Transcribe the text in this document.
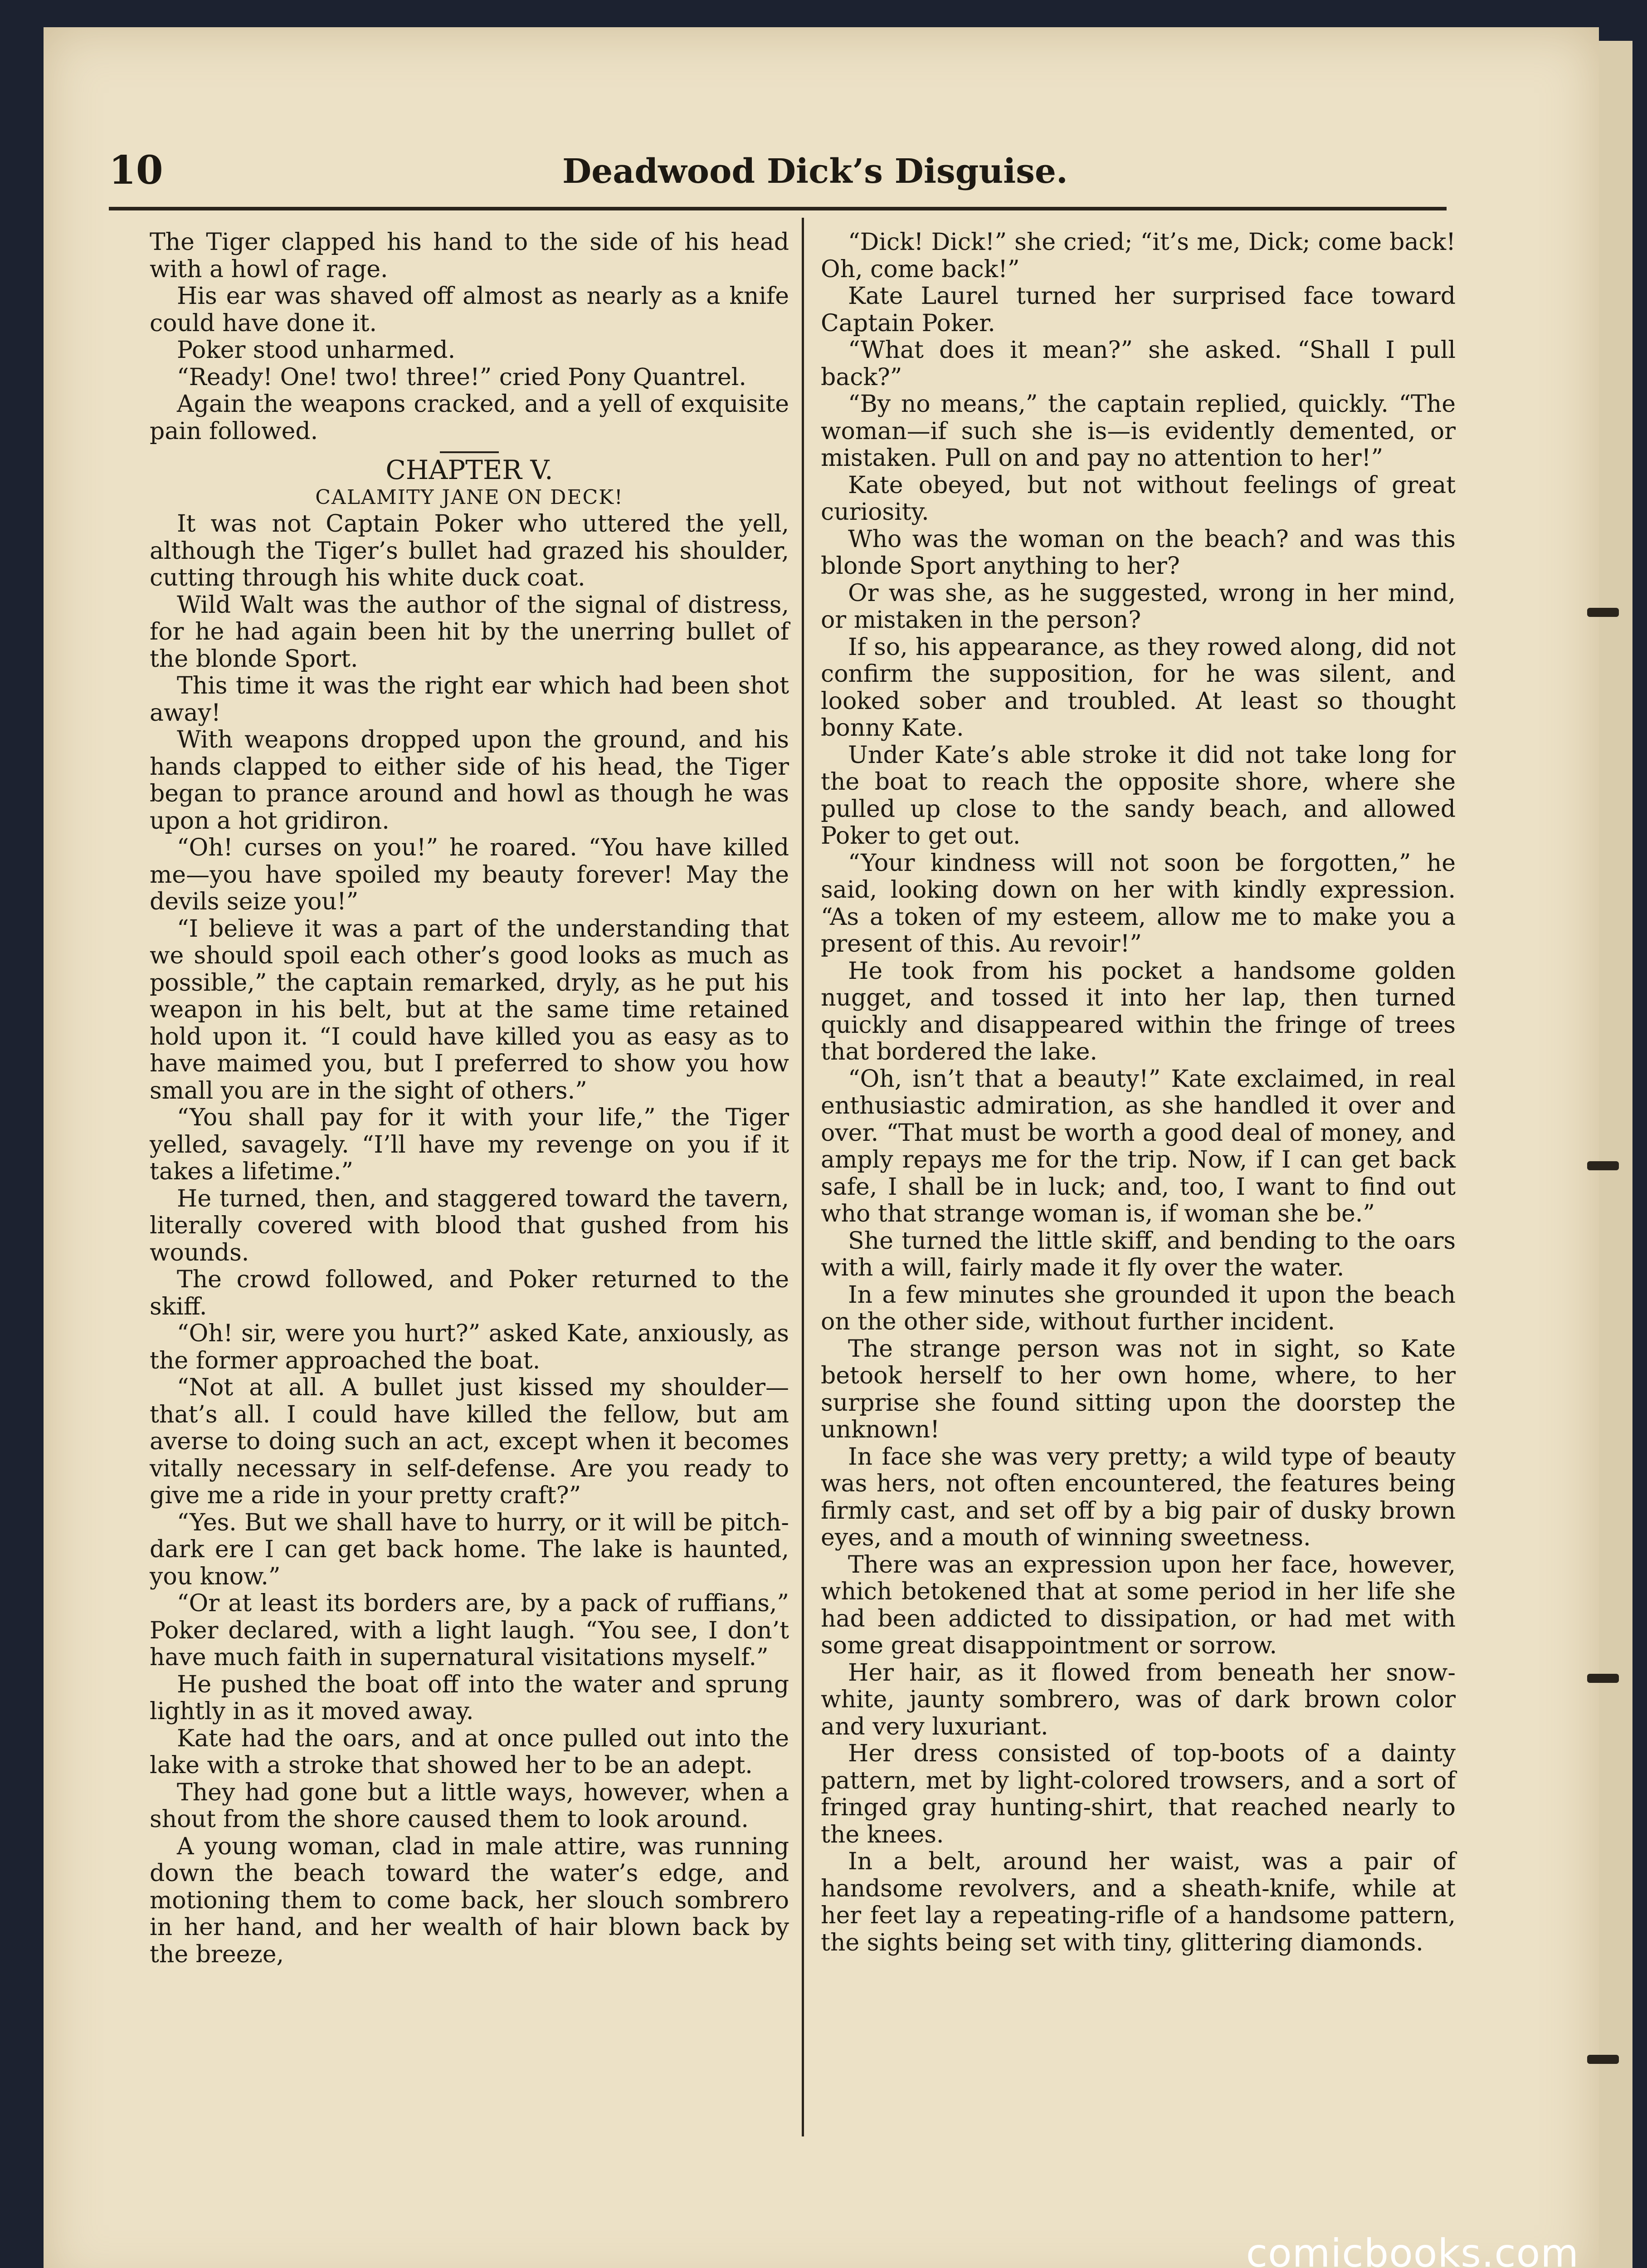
10	Deadwood Dick’s Disguise.

The Tiger clapped his hand to the side of his head with a howl of rage.

His ear was shaved off almost as nearly as a knife could have done it.

Poker stood unharmed.

“Ready! One! two! three!” cried Pony Quantrel.

Again the weapons cracked, and a yell of exquisite pain followed.

CHAPTER V.

CALAMITY JANE ON DECK!

It was not Captain Poker who uttered the yell, although the Tiger’s bullet had grazed his shoulder, cutting through his white duck coat.

Wild Walt was the author of the signal of distress, for he had again been hit by the unerring bullet of the blonde Sport.

This time it was the right ear which had been shot away!

With weapons dropped upon the ground, and his hands clapped to either side of his head, the Tiger began to prance around and howl as though he was upon a hot gridiron.

“Oh! curses on you!” he roared. “You have killed me—you have spoiled my beauty forever! May the devils seize you!”

“I believe it was a part of the understanding that we should spoil each other’s good looks as much as possible,” the captain remarked, dryly, as he put his weapon in his belt, but at the same time retained hold upon it. “I could have killed you as easy as to have maimed you, but I preferred to show you how small you are in the sight of others.”

“You shall pay for it with your life,” the Tiger yelled, savagely. “I’ll have my revenge on you if it takes a lifetime.”

He turned, then, and staggered toward the tavern, literally covered with blood that gushed from his wounds.

The crowd followed, and Poker returned to the skiff.

“Oh! sir, were you hurt?” asked Kate, anxiously, as the former approached the boat.

“Not at all. A bullet just kissed my shoulder—that’s all. I could have killed the fellow, but am averse to doing such an act, except when it becomes vitally necessary in self-defense. Are you ready to give me a ride in your pretty craft?”

“Yes. But we shall have to hurry, or it will be pitch-dark ere I can get back home. The lake is haunted, you know.”

“Or at least its borders are, by a pack of ruffians,” Poker declared, with a light laugh. “You see, I don’t have much faith in supernatural visitations myself.”

He pushed the boat off into the water and sprung lightly in as it moved away.

Kate had the oars, and at once pulled out into the lake with a stroke that showed her to be an adept.

They had gone but a little ways, however, when a shout from the shore caused them to look around.

A young woman, clad in male attire, was running down the beach toward the water’s edge, and motioning them to come back, her slouch sombrero in her hand, and her wealth of hair blown back by the breeze,

“Dick! Dick!” she cried; “it’s me, Dick; come back! Oh, come back!”

Kate Laurel turned her surprised face toward Captain Poker.

“What does it mean?” she asked. “Shall I pull back?”

“By no means,” the captain replied, quickly. “The woman—if such she is—is evidently demented, or mistaken. Pull on and pay no attention to her!”

Kate obeyed, but not without feelings of great curiosity.

Who was the woman on the beach? and was this blonde Sport anything to her?

Or was she, as he suggested, wrong in her mind, or mistaken in the person?

If so, his appearance, as they rowed along, did not confirm the supposition, for he was silent, and looked sober and troubled. At least so thought bonny Kate.

Under Kate’s able stroke it did not take long for the boat to reach the opposite shore, where she pulled up close to the sandy beach, and allowed Poker to get out.

“Your kindness will not soon be forgotten,” he said, looking down on her with kindly expression. “As a token of my esteem, allow me to make you a present of this. Au revoir!”

He took from his pocket a handsome golden nugget, and tossed it into her lap, then turned quickly and disappeared within the fringe of trees that bordered the lake.

“Oh, isn’t that a beauty!” Kate exclaimed, in real enthusiastic admiration, as she handled it over and over. “That must be worth a good deal of money, and amply repays me for the trip. Now, if I can get back safe, I shall be in luck; and, too, I want to find out who that strange woman is, if woman she be.”

She turned the little skiff, and bending to the oars with a will, fairly made it fly over the water.

In a few minutes she grounded it upon the beach on the other side, without further incident.

The strange person was not in sight, so Kate betook herself to her own home, where, to her surprise she found sitting upon the doorstep the unknown!

In face she was very pretty; a wild type of beauty was hers, not often encountered, the features being firmly cast, and set off by a big pair of dusky brown eyes, and a mouth of winning sweetness.

There was an expression upon her face, however, which betokened that at some period in her life she had been addicted to dissipation, or had met with some great disappointment or sorrow.

Her hair, as it flowed from beneath her snow-white, jaunty sombrero, was of dark brown color and very luxuriant.

Her dress consisted of top-boots of a dainty pattern, met by light-colored trowsers, and a sort of fringed gray hunting-shirt, that reached nearly to the knees.

In a belt, around her waist, was a pair of handsome revolvers, and a sheath-knife, while at her feet lay a repeating-rifle of a handsome pattern, the sights being set with tiny, glittering diamonds.

comicbooks.com
